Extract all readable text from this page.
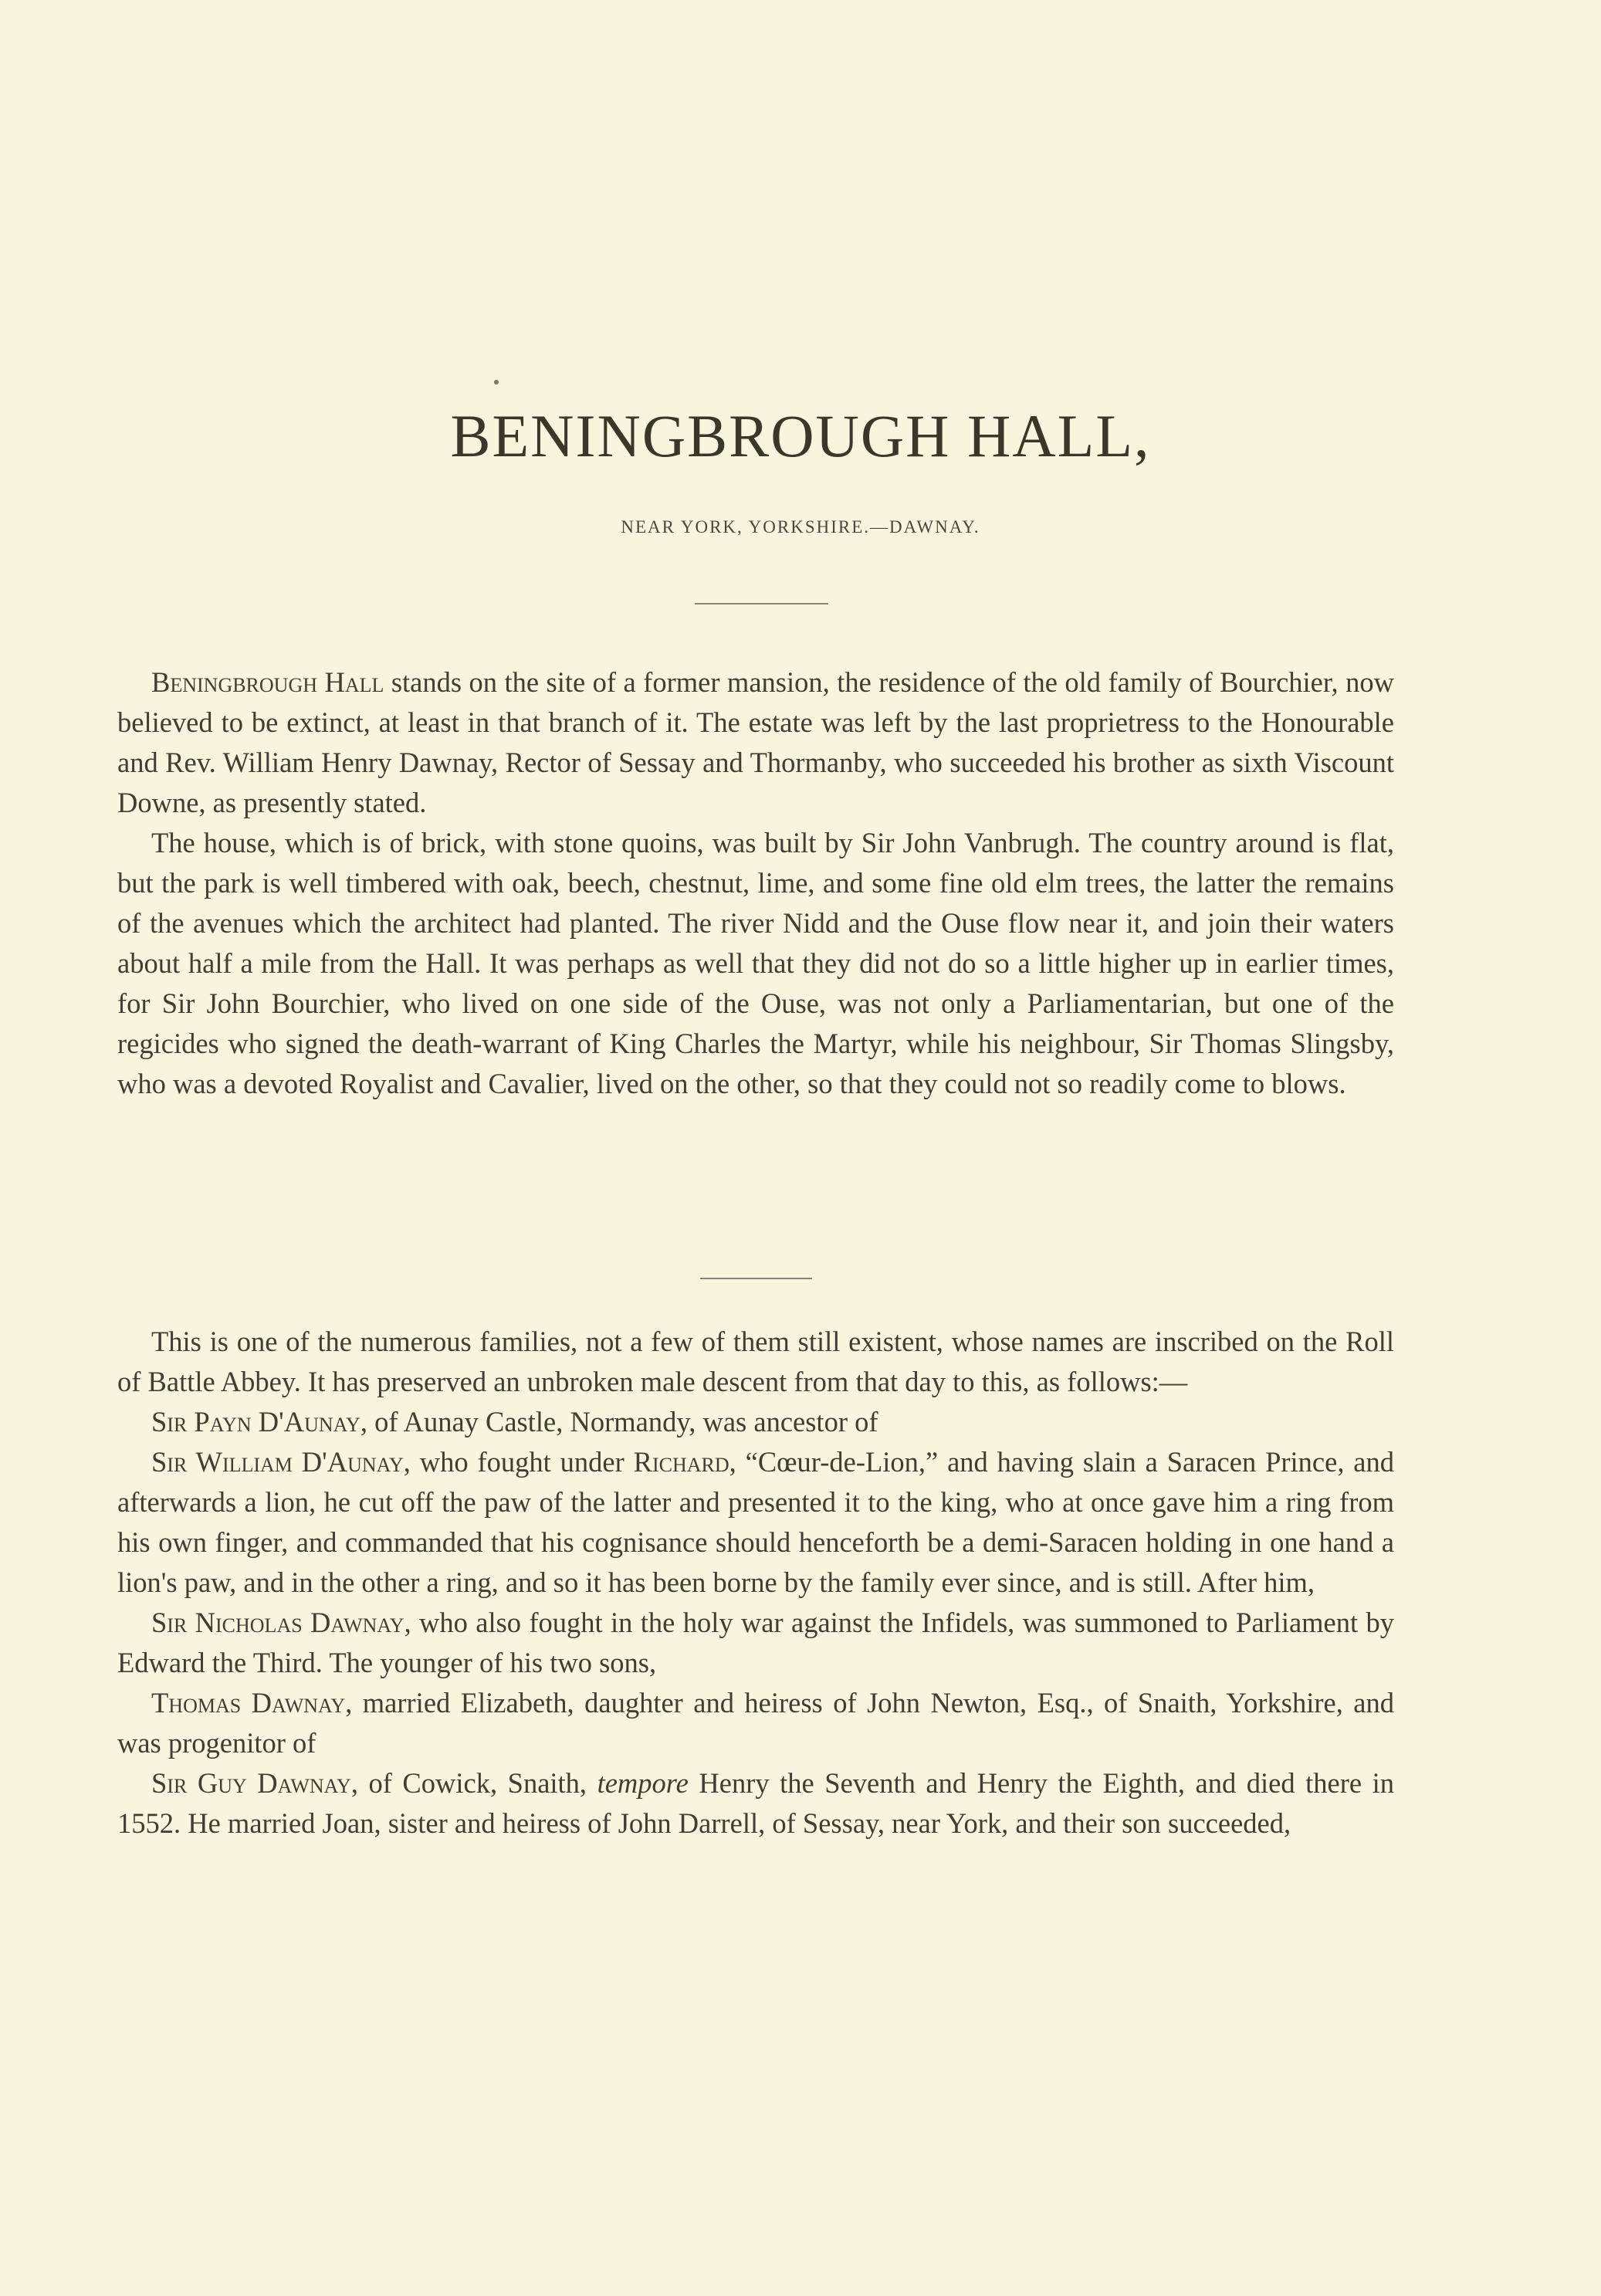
BENINGBROUGH HALL,
NEAR YORK, YORKSHIRE.—DAWNAY.

Beningbrough Hall stands on the site of a former mansion, the residence of the old family of Bourchier, now believed to be extinct, at least in that branch of it. The estate was left by the last proprietress to the Honourable and Rev. William Henry Dawnay, Rector of Sessay and Thormanby, who succeeded his brother as sixth Viscount Downe, as presently stated.

The house, which is of brick, with stone quoins, was built by Sir John Vanbrugh. The country around is flat, but the park is well timbered with oak, beech, chestnut, lime, and some fine old elm trees, the latter the remains of the avenues which the architect had planted. The river Nidd and the Ouse flow near it, and join their waters about half a mile from the Hall. It was perhaps as well that they did not do so a little higher up in earlier times, for Sir John Bourchier, who lived on one side of the Ouse, was not only a Parliamentarian, but one of the regicides who signed the death-warrant of King Charles the Martyr, while his neighbour, Sir Thomas Slingsby, who was a devoted Royalist and Cavalier, lived on the other, so that they could not so readily come to blows.

This is one of the numerous families, not a few of them still existent, whose names are inscribed on the Roll of Battle Abbey. It has preserved an unbroken male descent from that day to this, as follows:—

Sir Payn D'Aunay, of Aunay Castle, Normandy, was ancestor of

Sir William D'Aunay, who fought under Richard, “Cœur-de-Lion,” and having slain a Saracen Prince, and afterwards a lion, he cut off the paw of the latter and presented it to the king, who at once gave him a ring from his own finger, and commanded that his cognisance should henceforth be a demi-Saracen holding in one hand a lion's paw, and in the other a ring, and so it has been borne by the family ever since, and is still. After him,

Sir Nicholas Dawnay, who also fought in the holy war against the Infidels, was summoned to Parliament by Edward the Third. The younger of his two sons,

Thomas Dawnay, married Elizabeth, daughter and heiress of John Newton, Esq., of Snaith, Yorkshire, and was progenitor of

Sir Guy Dawnay, of Cowick, Snaith, tempore Henry the Seventh and Henry the Eighth, and died there in 1552. He married Joan, sister and heiress of John Darrell, of Sessay, near York, and their son succeeded,
